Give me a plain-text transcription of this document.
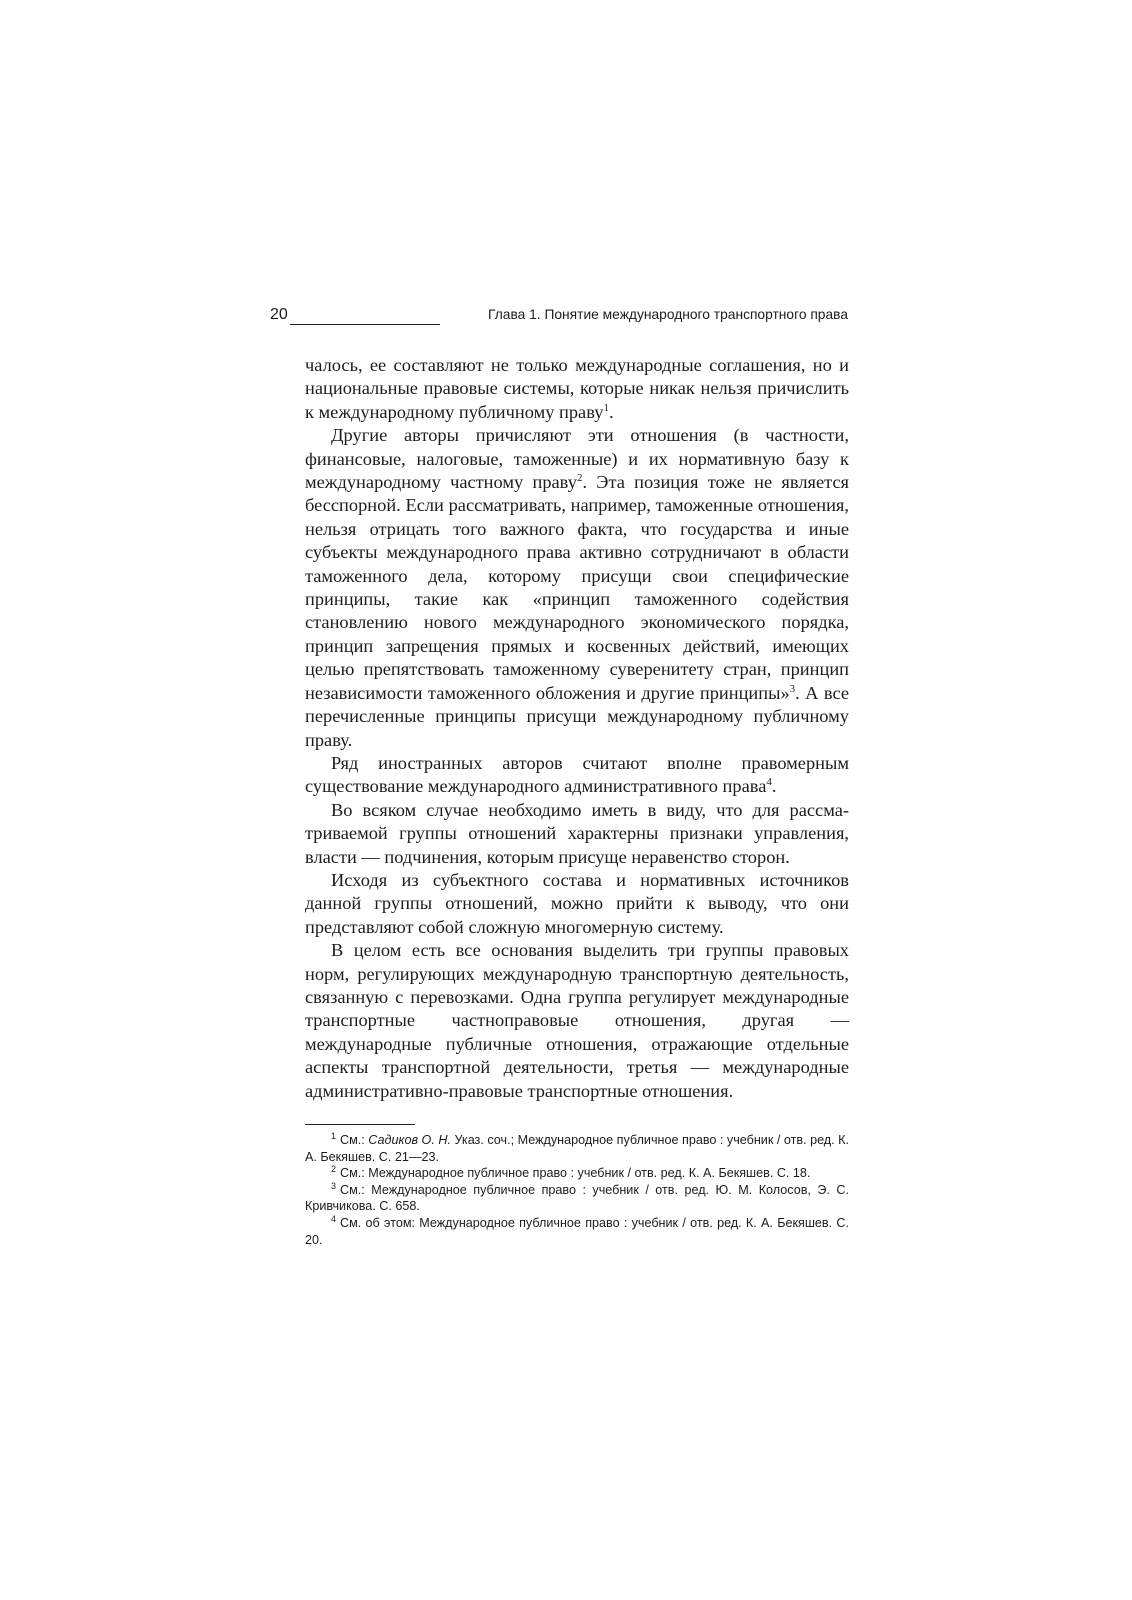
20	Глава 1. Понятие международного транспортного права

чалось, ее составляют не только международные соглашения, но и национальные правовые системы, которые никак нельзя причислить к международному публичному праву$^1$.

Другие авторы причисляют эти отношения (в частности, финансовые, налоговые, таможенные) и их нормативную базу к международному частному праву$^2$. Эта позиция тоже не является бесспорной. Если рассматривать, например, таможенные отношения, нельзя отрицать того важного факта, что государства и иные субъекты международного права активно сотрудничают в области таможенного дела, которому присущи свои специфические принципы, такие как «принцип таможенного содействия становлению нового международного экономического порядка, принцип запрещения прямых и косвенных действий, имеющих целью препятствовать таможенному суверенитету стран, принцип независимости таможенного обложения и другие принципы»$^3$. А все перечисленные принципы присущи международному публичному праву.

Ряд иностранных авторов считают вполне правомерным существование международного административного права$^4$.

Во всяком случае необходимо иметь в виду, что для рассматриваемой группы отношений характерны признаки управления, власти — подчинения, которым присуще неравенство сторон.

Исходя из субъектного состава и нормативных источников данной группы отношений, можно прийти к выводу, что они представляют собой сложную многомерную систему.

В целом есть все основания выделить три группы правовых норм, регулирующих международную транспортную деятельность, связанную с перевозками. Одна группа регулирует международные транспортные частноправовые отношения, другая — международные публичные отношения, отражающие отдельные аспекты транспортной деятельности, третья — международные административно-правовые транспортные отношения.

$^1$ См.: Садиков О. Н. Указ. соч.; Международное публичное право : учебник / отв. ред. К. А. Бекяшев. С. 21—23.

$^2$ См.: Международное публичное право : учебник / отв. ред. К. А. Бекяшев. С. 18.

$^3$ См.: Международное публичное право : учебник / отв. ред. Ю. М. Колосов, Э. С. Кривчикова. С. 658.

$^4$ См. об этом: Международное публичное право : учебник / отв. ред. К. А. Бекяшев. С. 20.
